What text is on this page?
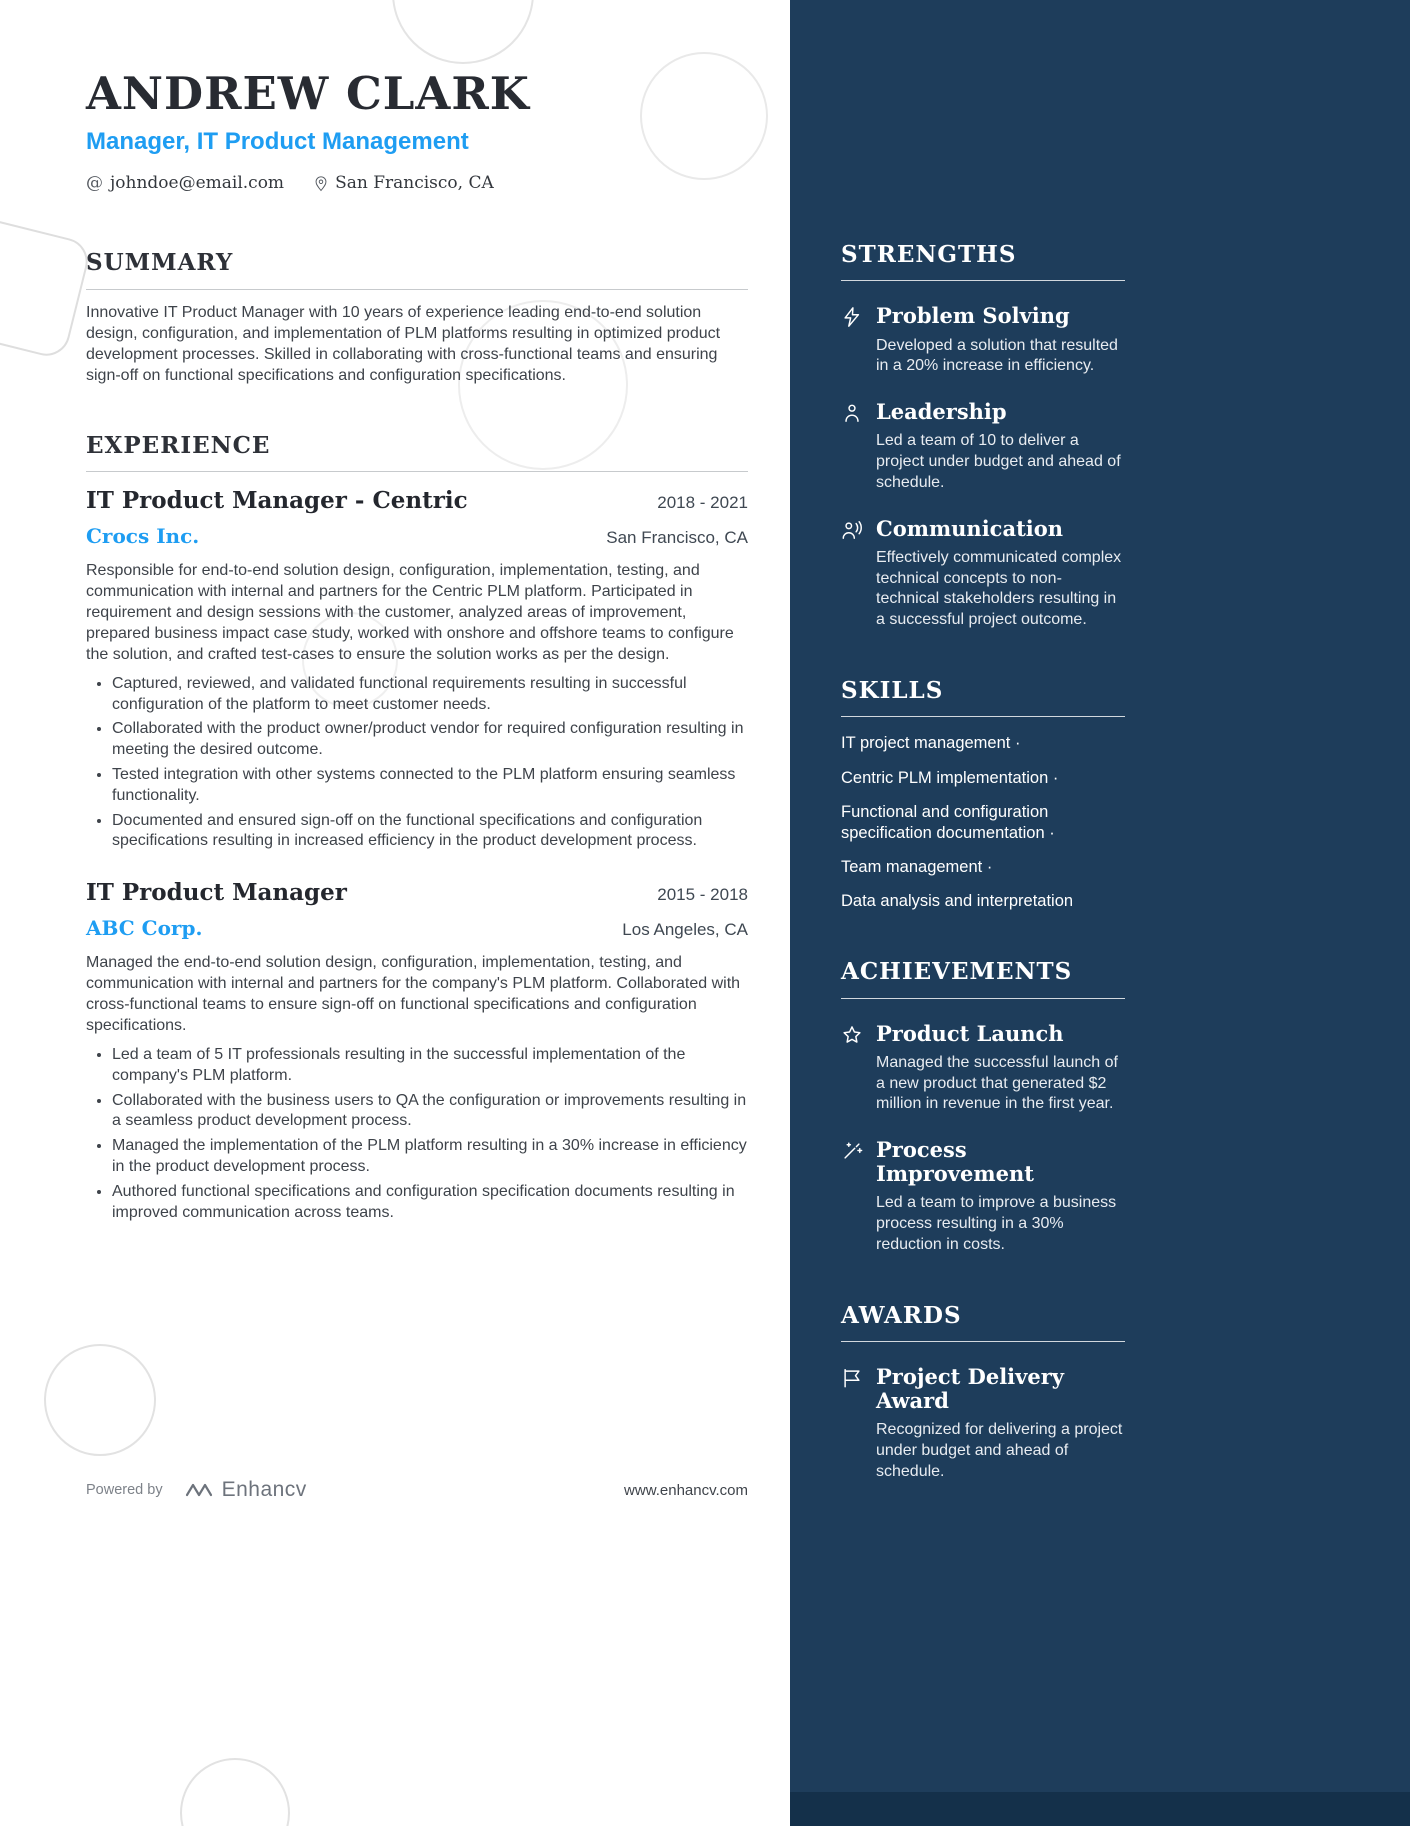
ANDREW CLARK
Manager, IT Product Management
@ johndoe@email.com	San Francisco, CA
SUMMARY

Innovative IT Product Manager with 10 years of experience leading end-to-end solution design, configuration, and implementation of PLM platforms resulting in optimized product development processes. Skilled in collaborating with cross-functional teams and ensuring sign-off on functional specifications and configuration specifications.

EXPERIENCE
IT Product Manager - Centric	2018 - 2021
Crocs Inc.	San Francisco, CA

Responsible for end-to-end solution design, configuration, implementation, testing, and communication with internal and partners for the Centric PLM platform. Participated in requirement and design sessions with the customer, analyzed areas of improvement, prepared business impact case study, worked with onshore and offshore teams to configure the solution, and crafted test-cases to ensure the solution works as per the design.

• Captured, reviewed, and validated functional requirements resulting in successful configuration of the platform to meet customer needs.
• Collaborated with the product owner/product vendor for required configuration resulting in meeting the desired outcome.
• Tested integration with other systems connected to the PLM platform ensuring seamless functionality.
• Documented and ensured sign-off on the functional specifications and configuration specifications resulting in increased efficiency in the product development process.
IT Product Manager	2015 - 2018
ABC Corp.	Los Angeles, CA

Managed the end-to-end solution design, configuration, implementation, testing, and communication with internal and partners for the company's PLM platform. Collaborated with cross-functional teams to ensure sign-off on functional specifications and configuration specifications.

• Led a team of 5 IT professionals resulting in the successful implementation of the company's PLM platform.
• Collaborated with the business users to QA the configuration or improvements resulting in a seamless product development process.
• Managed the implementation of the PLM platform resulting in a 30% increase in efficiency in the product development process.
• Authored functional specifications and configuration specification documents resulting in improved communication across teams.
STRENGTHS
Problem Solving
Developed a solution that resulted in a 20% increase in efficiency.
Leadership
Led a team of 10 to deliver a project under budget and ahead of schedule.
Communication
Effectively communicated complex technical concepts to non-technical stakeholders resulting in a successful project outcome.
SKILLS
IT project management ·
Centric PLM implementation ·
Functional and configuration specification documentation ·
Team management ·
Data analysis and interpretation
ACHIEVEMENTS
Product Launch
Managed the successful launch of a new product that generated $2 million in revenue in the first year.
Process Improvement
Led a team to improve a business process resulting in a 30% reduction in costs.
AWARDS
Project Delivery Award
Recognized for delivering a project under budget and ahead of schedule.
Powered by	Enhancv	www.enhancv.com
